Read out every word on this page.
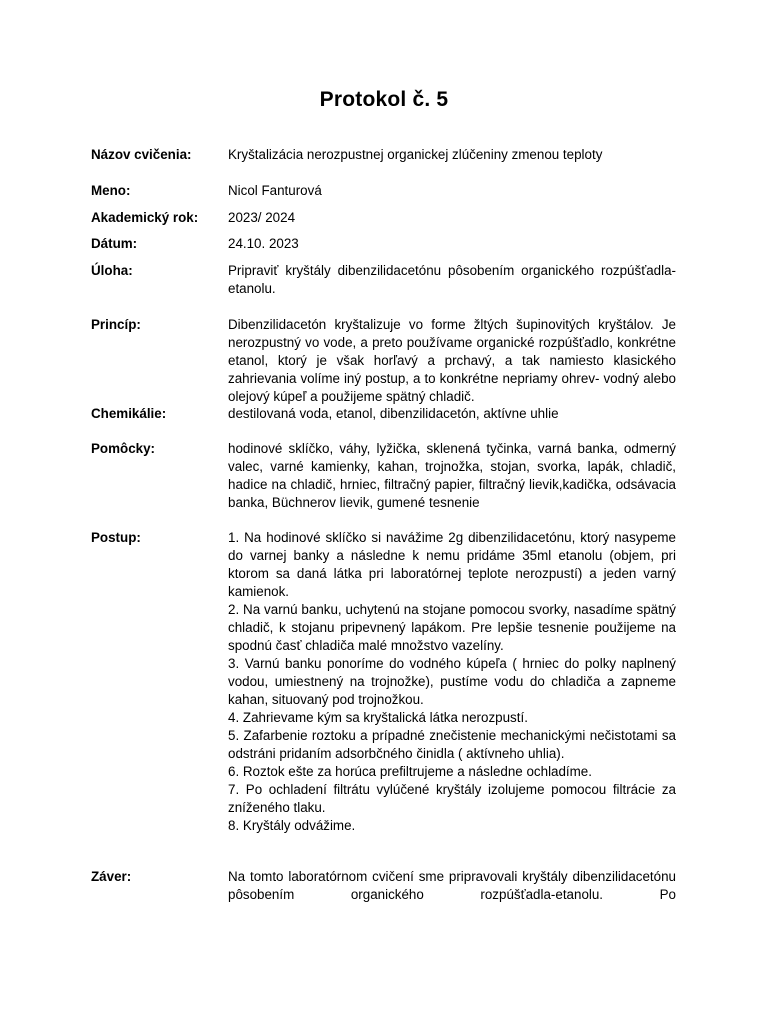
Protokol č. 5
Názov cvičenia:	Kryštalizácia nerozpustnej organickej zlúčeniny zmenou teploty
Meno:	Nicol Fanturová
Akademický rok:	2023/ 2024
Dátum:	24.10. 2023
Úloha:	Pripraviť kryštály dibenzilidacetónu pôsobením organického rozpúšťadla- etanolu.
Princíp:	Dibenzilidacetón kryštalizuje vo forme žltých šupinovitých kryštálov. Je nerozpustný vo vode, a preto používame organické rozpúšťadlo, konkrétne etanol, ktorý je však horľavý a prchavý, a tak namiesto klasického zahrievania volíme iný postup, a to konkrétne nepriamy ohrev- vodný alebo olejový kúpeľ a použijeme spätný chladič.
Chemikálie:	destilovaná voda, etanol, dibenzilidacetón, aktívne uhlie
Pomôcky:	hodinové sklíčko, váhy, lyžička, sklenená tyčinka, varná banka, odmerný valec, varné kamienky, kahan, trojnožka, stojan, svorka, lapák, chladič, hadice na chladič, hrniec, filtračný papier, filtračný lievik,kadička, odsávacia banka, Büchnerov lievik, gumené tesnenie
Postup:	1. Na hodinové sklíčko si navážime 2g dibenzilidacetónu, ktorý nasypeme do varnej banky a následne k nemu pridáme 35ml etanolu (objem, pri ktorom sa daná látka pri laboratórnej teplote nerozpustí) a jeden varný kamienok.

2. Na varnú banku, uchytenú na stojane pomocou svorky, nasadíme spätný chladič, k stojanu pripevnený lapákom. Pre lepšie tesnenie použijeme na spodnú časť chladiča malé množstvo vazelíny.

3. Varnú banku ponoríme do vodného kúpeľa ( hrniec do polky naplnený vodou, umiestnený na trojnožke), pustíme vodu do chladiča a zapneme kahan, situovaný pod trojnožkou.

4. Zahrievame kým sa kryštalická látka nerozpustí.

5. Zafarbenie roztoku a prípadné znečistenie mechanickými nečistotami sa odstráni pridaním adsorbčného činidla ( aktívneho uhlia).

6. Roztok ešte za horúca prefiltrujeme a následne ochladíme.

7. Po ochladení filtrátu vylúčené kryštály izolujeme pomocou filtrácie za zníženého tlaku.

8. Kryštály odvážime.

Záver:	Na tomto laboratórnom cvičení sme pripravovali kryštály dibenzilidacetónu pôsobením organického rozpúšťadla-etanolu. Po
